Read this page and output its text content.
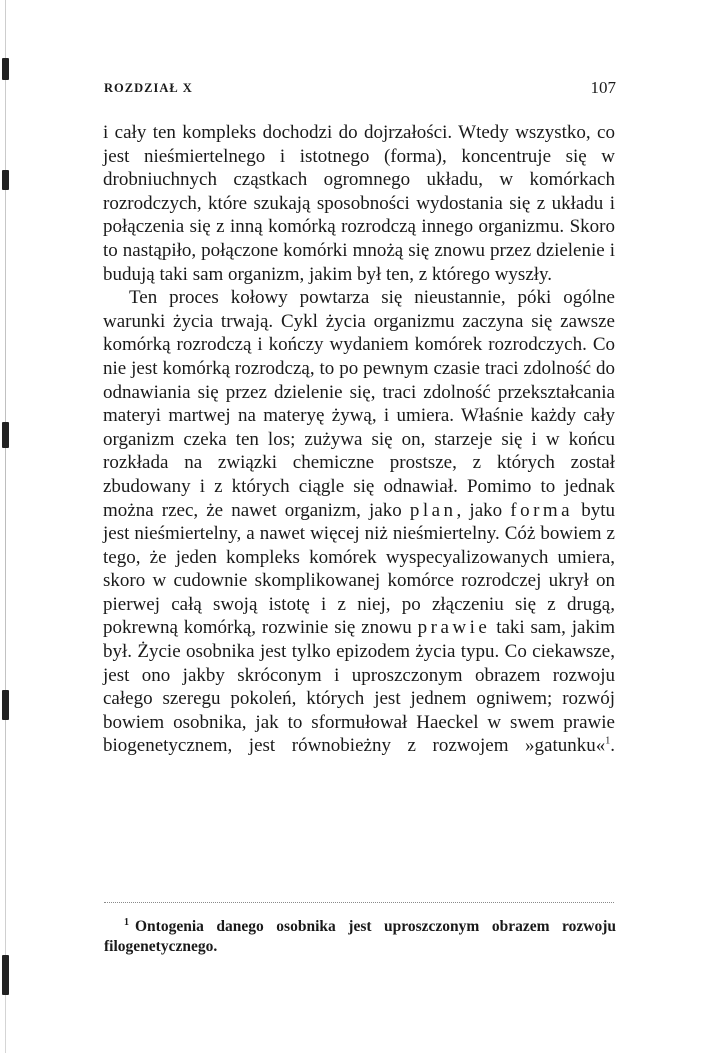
ROZDZIAŁ X	107

i cały ten kompleks dochodzi do dojrzałości. Wtedy wszystko, co jest nieśmiertelnego i istotnego (forma), koncentruje się w drobniuchnych cząstkach ogromnego układu, w komórkach rozrodczych, które szukają sposobności wydostania się z układu i połączenia się z inną komórką rozrodczą innego organizmu. Skoro to nastąpiło, połączone komórki mnożą się znowu przez dzielenie i budują taki sam organizm, jakim był ten, z którego wyszły.

Ten proces kołowy powtarza się nieustannie, póki ogólne warunki życia trwają. Cykl życia organizmu zaczyna się zawsze komórką rozrodczą i kończy wydaniem komórek rozrodczych. Co nie jest komórką rozrodczą, to po pewnym czasie traci zdolność do odnawiania się przez dzielenie się, traci zdolność przekształcania materyi martwej na materyę żywą, i umiera. Właśnie każdy cały organizm czeka ten los; zużywa się on, starzeje się i w końcu rozkłada na związki chemiczne prostsze, z których został zbudowany i z których ciągle się odnawiał. Pomimo to jednak można rzec, że nawet organizm, jako plan, jako forma bytu jest nieśmiertelny, a nawet więcej niż nieśmiertelny. Cóż bowiem z tego, że jeden kompleks komórek wyspecyalizowanych umiera, skoro w cudownie skomplikowanej komórce rozrodczej ukrył on pierwej całą swoją istotę i z niej, po złączeniu się z drugą, pokrewną komórką, rozwinie się znowu prawie taki sam, jakim był. Życie osobnika jest tylko epizodem życia typu. Co ciekawsze, jest ono jakby skróconym i uproszczonym obrazem rozwoju całego szeregu pokoleń, których jest jednem ogniwem; rozwój bowiem osobnika, jak to sformułował Haeckel w swem prawie biogenetycznem, jest równobieżny z rozwojem »gatunku«$^1$.

$^1$ Ontogenia danego osobnika jest uproszczonym obrazem rozwoju filogenetycznego.
